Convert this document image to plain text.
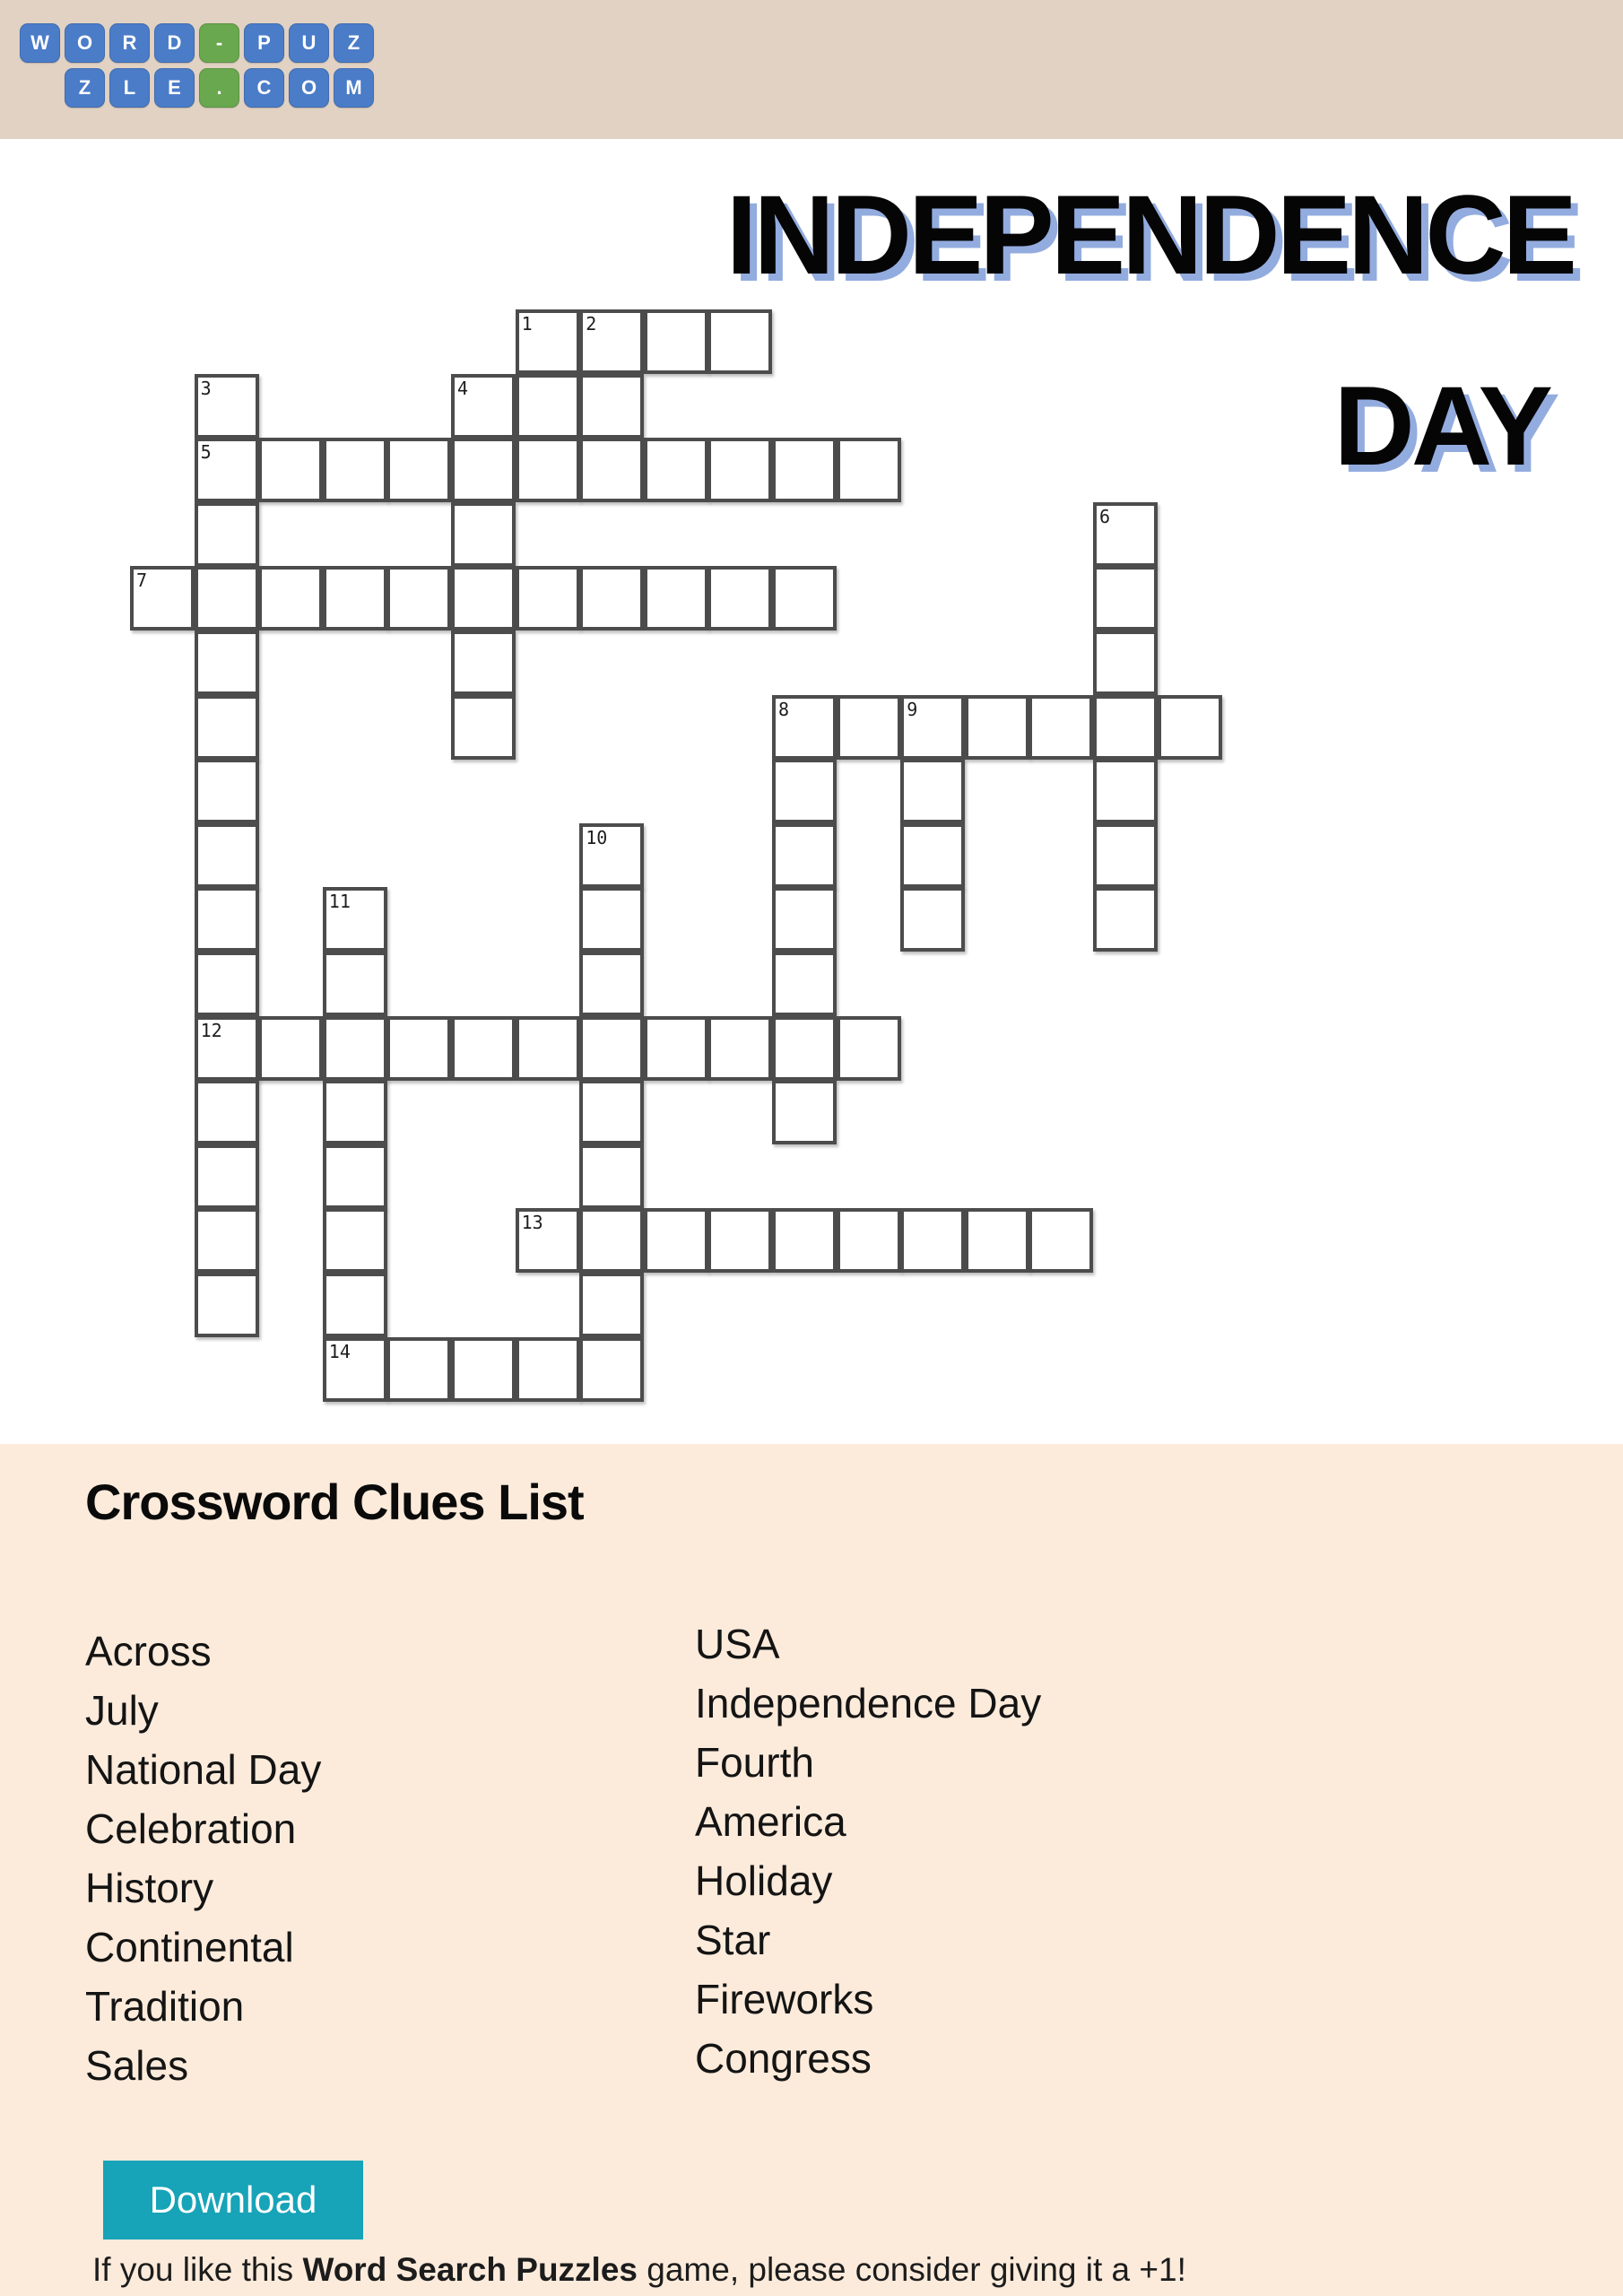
W	O	R	D	-	P	U	Z
Z	L	E	.	C	O	M
INDEPENDENCE
DAY
1	2
3	4
5
6
7
8	9
10
11
12
13
14
Crossword Clues List
Across
July
National Day
Celebration
History
Continental
Tradition
Sales
USA
Independence Day
Fourth
America
Holiday
Star
Fireworks
Congress
Download
If you like this Word Search Puzzles game, please consider giving it a +1!
